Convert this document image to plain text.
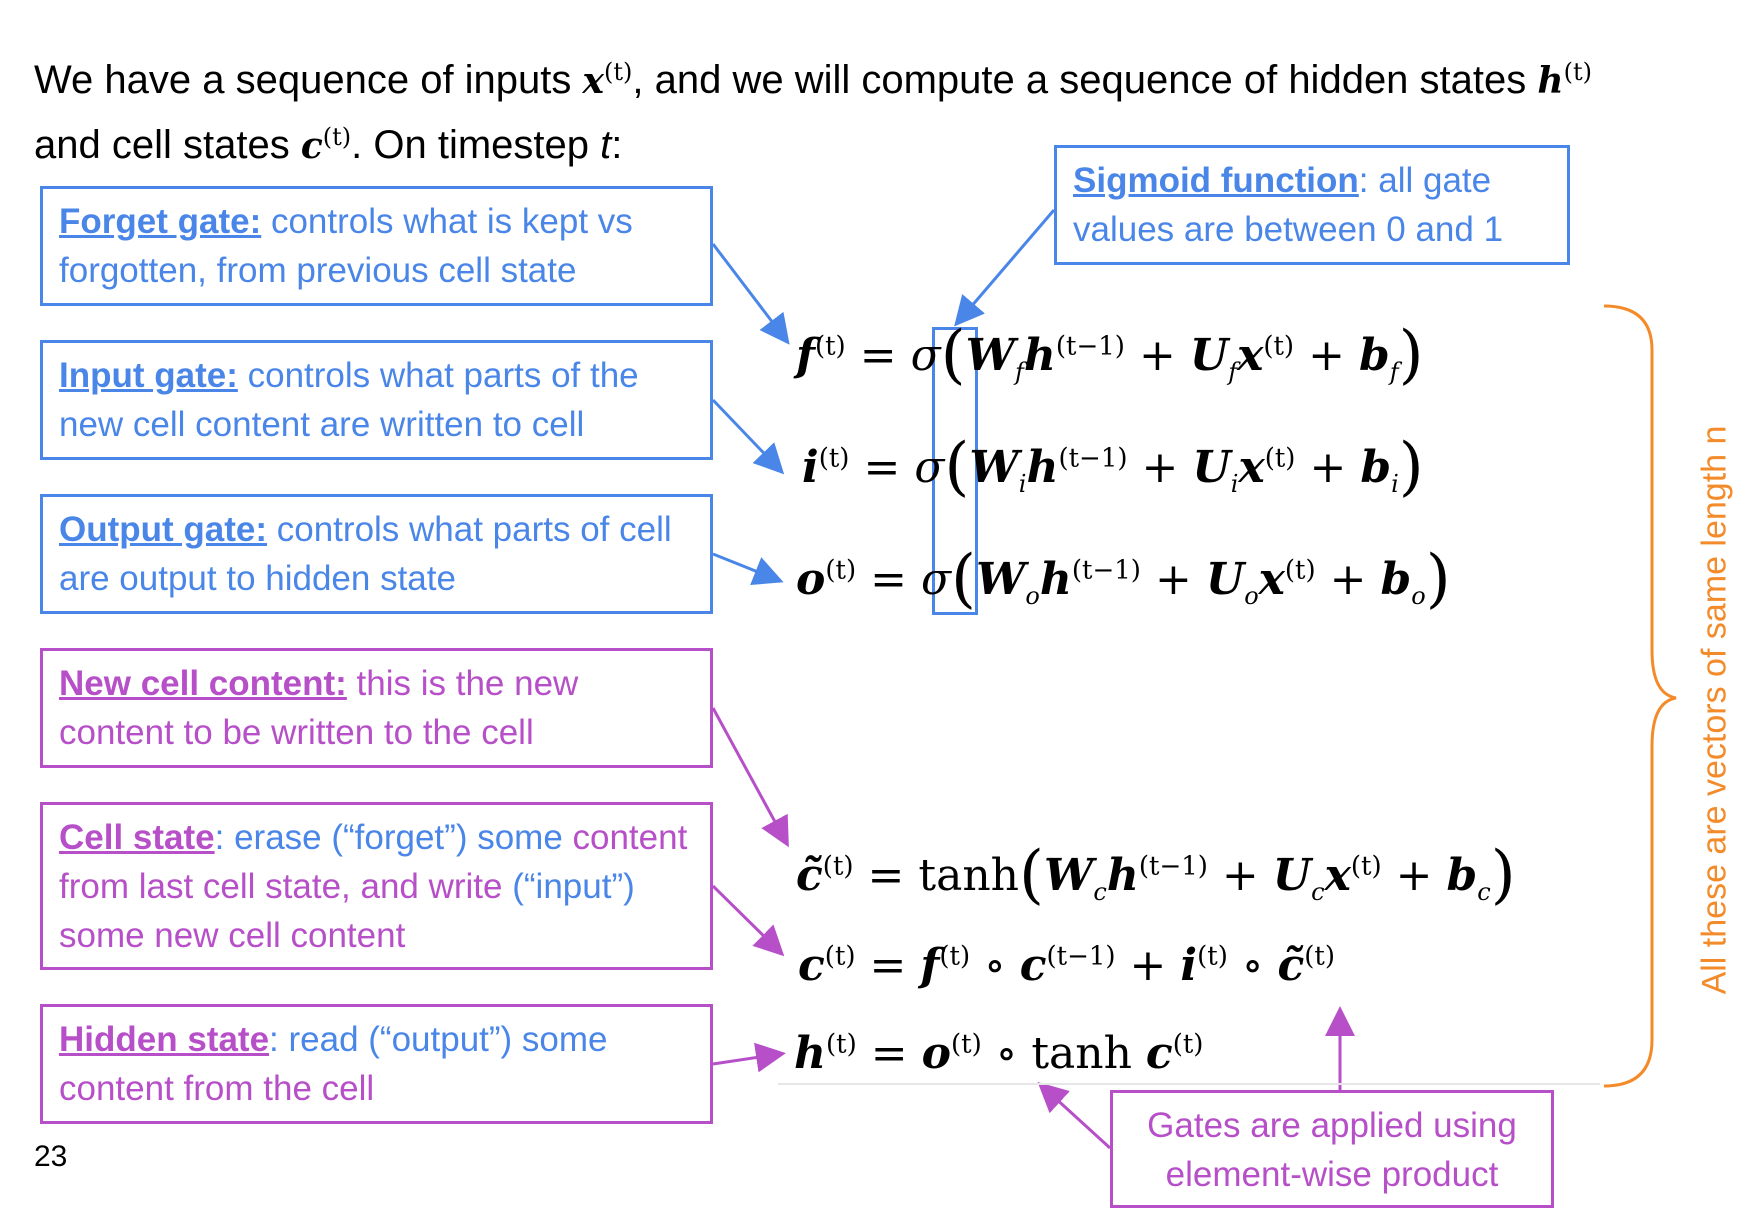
We have a sequence of inputs $x^{(t)}$, and we will compute a sequence of hidden states $h^{(t)}$
and cell states $c^{(t)}$. On timestep t:
Forget gate: controls what is kept vs forgotten, from previous cell state
Input gate: controls what parts of the new cell content are written to cell
Output gate: controls what parts of cell are output to hidden state
Sigmoid function: all gate values are between 0 and 1
New cell content: this is the new content to be written to the cell
Cell state: erase (“forget”) some content from last cell state, and write (“input”) some new cell content
Hidden state: read (“output”) some content from the cell
Gates are applied using element-wise product
$f^{(t)} = \sigma(W_fh^{(t-1)} + U_fx^{(t)} + b_f)$
$i^{(t)} = \sigma(W_ih^{(t-1)} + U_ix^{(t)} + b_i)$
$o^{(t)} = \sigma(W_oh^{(t-1)} + U_ox^{(t)} + b_o)$
c̃$^{(t)}$ = $\tanh(W_ch^{(t-1)} + U_cx^{(t)} + b_c)$
$c^{(t)} = f^{(t)}$ ∘ $c^{(t-1)} + i^{(t)}$ ∘ c̃$^{(t)}$
$h^{(t)} = o^{(t)}$ ∘ $\tanh c^{(t)}$
All these are vectors of same length n
23
